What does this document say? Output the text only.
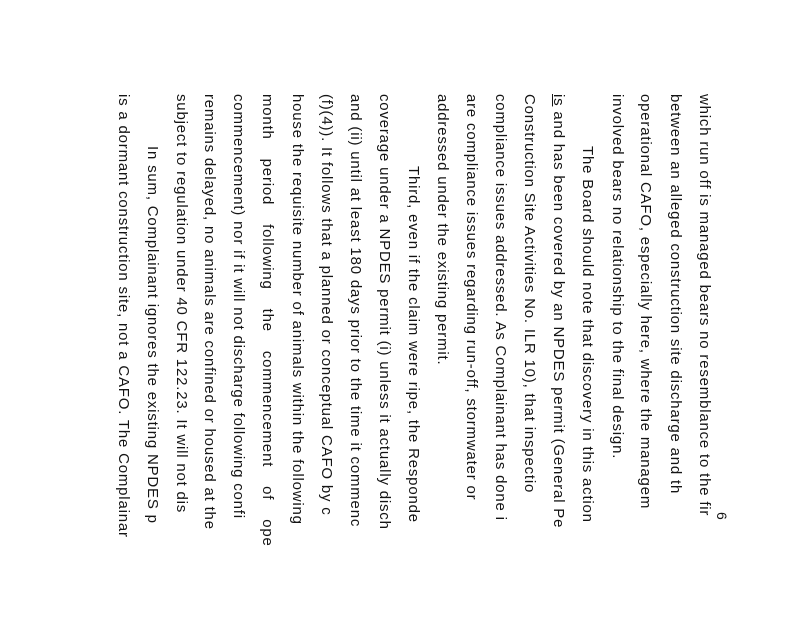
which run off is managed bears no resemblance to the fir

between an alleged construction site discharge and th

operational CAFO, especially here, where the managem

involved bears no relationship to the final design.

The Board should note that discovery in this action

is and has been covered by an NPDES permit (General Pe

Construction Site Activities No. ILR 10), that inspectio

compliance issues addressed. As Complainant has done i

are compliance issues regarding run-off, stormwater or

addressed under the existing permit.

Third, even if the claim were ripe, the Responde

coverage under a NPDES permit (i) unless it actually disch

and (ii) until at least 180 days prior to the time it commenc

(f)(4)). It follows that a planned or conceptual CAFO by c

house the requisite number of animals within the following

month period following the commencement of ope

commencement) nor if it will not discharge following confi

remains delayed, no animals are confined or housed at the

subject to regulation under 40 CFR 122.23. It will not dis

In sum, Complainant ignores the existing NPDES p

is a dormant construction site, not a CAFO. The Complainar	6
